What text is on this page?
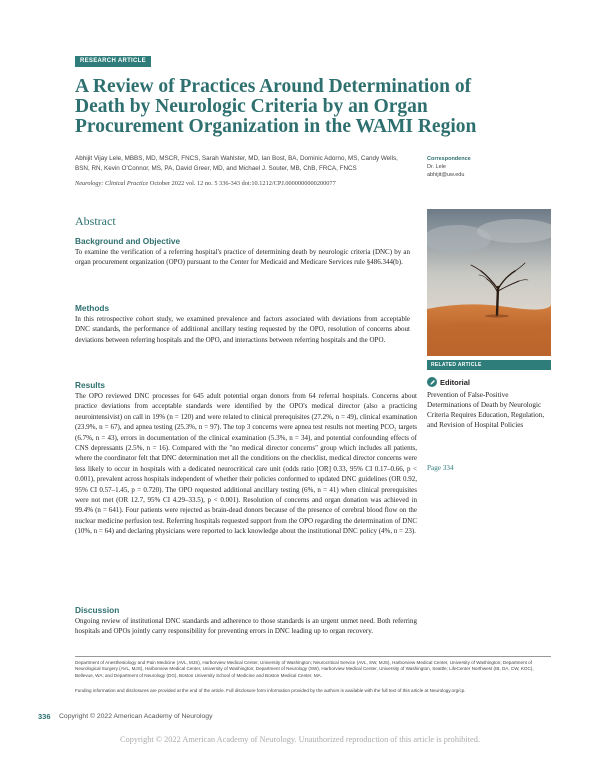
RESEARCH ARTICLE
A Review of Practices Around Determination of Death by Neurologic Criteria by an Organ Procurement Organization in the WAMI Region
Abhijit Vijay Lele, MBBS, MD, MSCR, FNCS, Sarah Wahlster, MD, Ian Bost, BA, Dominic Adorno, MS, Candy Wells, BSN, RN, Kevin O'Connor, MS, PA, David Greer, MD, and Michael J. Souter, MB, ChB, FRCA, FNCS
Neurology: Clinical Practice October 2022 vol. 12 no. 5 336-343 doi:10.1212/CPJ.0000000000200077
Correspondence
Dr. Lele
abhijit@uw.edu
Abstract
Background and Objective

To examine the verification of a referring hospital's practice of determining death by neurologic criteria (DNC) by an organ procurement organization (OPO) pursuant to the Center for Medicaid and Medicare Services rule §486.344(b).

Methods

In this retrospective cohort study, we examined prevalence and factors associated with deviations from acceptable DNC standards, the performance of additional ancillary testing requested by the OPO, resolution of concerns about deviations between referring hospitals and the OPO, and interactions between referring hospitals and the OPO.

Results

The OPO reviewed DNC processes for 645 adult potential organ donors from 64 referral hospitals. Concerns about practice deviations from acceptable standards were identified by the OPO's medical director (also a practicing neurointensivist) on call in 19% (n = 120) and were related to clinical prerequisites (27.2%, n = 49), clinical examination (23.9%, n = 67), and apnea testing (25.3%, n = 97). The top 3 concerns were apnea test results not meeting PCO₂ targets (6.7%, n = 43), errors in documentation of the clinical examination (5.3%, n = 34), and potential confounding effects of CNS depressants (2.5%, n = 16). Compared with the "no medical director concerns" group which includes all patients, where the coordinator felt that DNC determination met all the conditions on the checklist, medical director concerns were less likely to occur in hospitals with a dedicated neurocritical care unit (odds ratio [OR] 0.33, 95% CI 0.17–0.66, p < 0.001), prevalent across hospitals independent of whether their policies conformed to updated DNC guidelines (OR 0.92, 95% CI 0.57–1.45, p = 0.720). The OPO requested additional ancillary testing (6%, n = 41) when clinical prerequisites were not met (OR 12.7, 95% CI 4.29–33.5), p < 0.001). Resolution of concerns and organ donation was achieved in 99.4% (n = 641). Four patients were rejected as brain-dead donors because of the presence of cerebral blood flow on the nuclear medicine perfusion test. Referring hospitals requested support from the OPO regarding the determination of DNC (10%, n = 64) and declaring physicians were reported to lack knowledge about the institutional DNC policy (4%, n = 23).

Discussion

Ongoing review of institutional DNC standards and adherence to those standards is an urgent unmet need. Both referring hospitals and OPOs jointly carry responsibility for preventing errors in DNC leading up to organ recovery.

RELATED ARTICLE
Editorial
Prevention of False-Positive Determinations of Death by Neurologic Criteria Requires Education, Regulation, and Revision of Hospital Policies
Page 334
Department of Anesthesiology and Pain Medicine (AVL, MJS), Harborview Medical Center, University of Washington; Neurocritical Service (AVL, SW, MJS), Harborview Medical Center, University of Washington; Department of Neurological Surgery (AVL, MJS), Harborview Medical Center, University of Washington; Department of Neurology (SW), Harborview Medical Center, University of Washington, Seattle; LifeCenter Northwest (IB, DA, CW, KOC), Bellevue, WA; and Department of Neurology (DG), Boston University School of Medicine and Boston Medical Center, MA.
Funding information and disclosures are provided at the end of the article. Full disclosure form information provided by the authors is available with the full text of this article at Neurology.org/cp.
336 Copyright © 2022 American Academy of Neurology
Copyright © 2022 American Academy of Neurology. Unauthorized reproduction of this article is prohibited.
